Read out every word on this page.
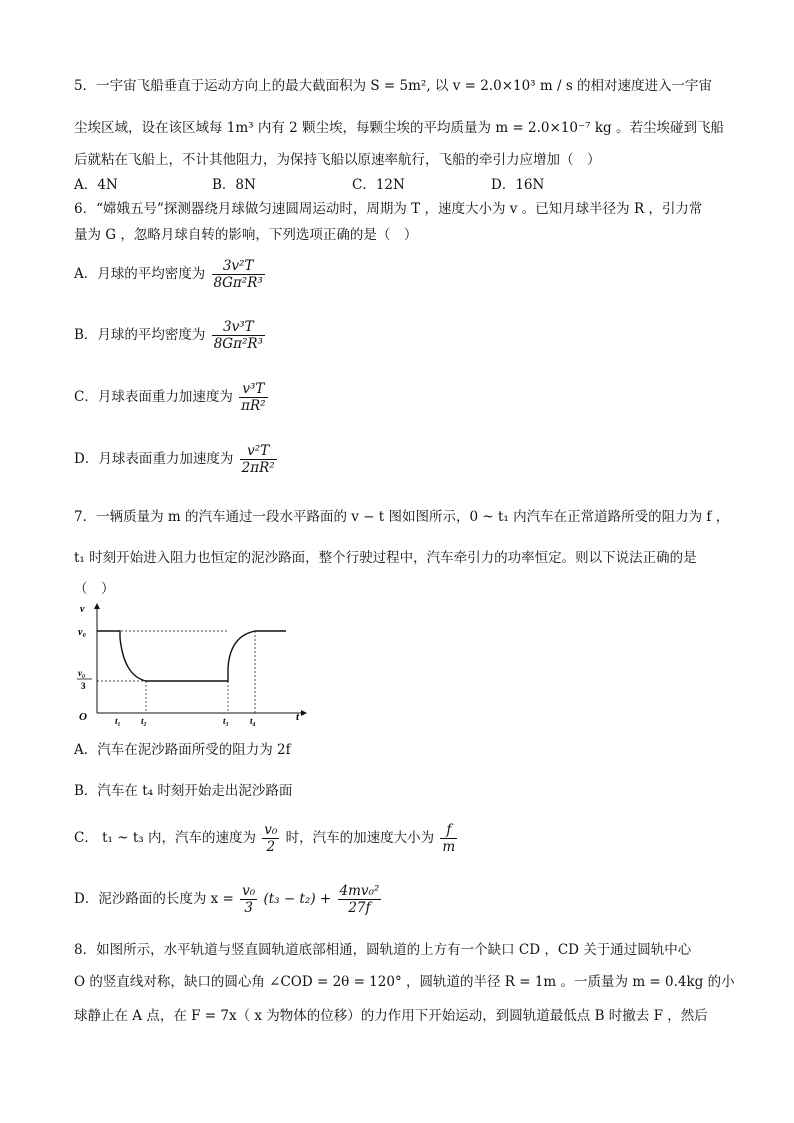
5．一宇宙飞船垂直于运动方向上的最大截面积为 S = 5m², 以 v = 2.0×10³ m / s 的相对速度进入一宇宙
尘埃区域，设在该区域每 1m³ 内有 2 颗尘埃，每颗尘埃的平均质量为 m = 2.0×10⁻⁷ kg 。若尘埃碰到飞船
后就粘在飞船上，不计其他阻力，为保持飞船以原速率航行，飞船的牵引力应增加（　）
A．4N	B．8N	C．12N	D．16N
6．“嫦娥五号”探测器绕月球做匀速圆周运动时，周期为 T ，速度大小为 v 。已知月球半径为 R ，引力常
量为 G ，忽略月球自转的影响，下列选项正确的是（　）
A．月球的平均密度为 $\frac{\text{3v²T}}{\text{8Gπ²R³}}$
B．月球的平均密度为 $\frac{\text{3v³T}}{\text{8Gπ²R³}}$
C．月球表面重力加速度为 $\frac{\text{v³T}}{\text{πR²}}$
D．月球表面重力加速度为 $\frac{\text{v²T}}{\text{2πR²}}$
7．一辆质量为 m 的汽车通过一段水平路面的 v − t 图如图所示，0 ~ t₁ 内汽车在正常道路所受的阻力为 f ，
t₁ 时刻开始进入阻力也恒定的泥沙路面，整个行驶过程中，汽车牵引力的功率恒定。则以下说法正确的是
（　）
v
t
O
v₀
v₀
3
t₁ t₂	t₃ t₄
A．汽车在泥沙路面所受的阻力为 2f
B．汽车在 t₄ 时刻开始走出泥沙路面
C． t₁ ~ t₃ 内，汽车的速度为 $\frac{\text{v₀}}{2}$ 时，汽车的加速度大小为 $\frac{f}{m}$
D．泥沙路面的长度为 $x = \frac{\text{v₀}}{3} (t_3 - t_2) + \frac{\text{4mv₀²}}{27f}$
8．如图所示，水平轨道与竖直圆轨道底部相通，圆轨道的上方有一个缺口 CD ，CD 关于通过圆轨中心
O 的竖直线对称，缺口的圆心角 ∠COD = 2θ = 120° ，圆轨道的半径 R = 1m 。一质量为 m = 0.4kg 的小
球静止在 A 点，在 F = 7x（ x 为物体的位移）的力作用下开始运动，到圆轨道最低点 B 时撤去 F ，然后
